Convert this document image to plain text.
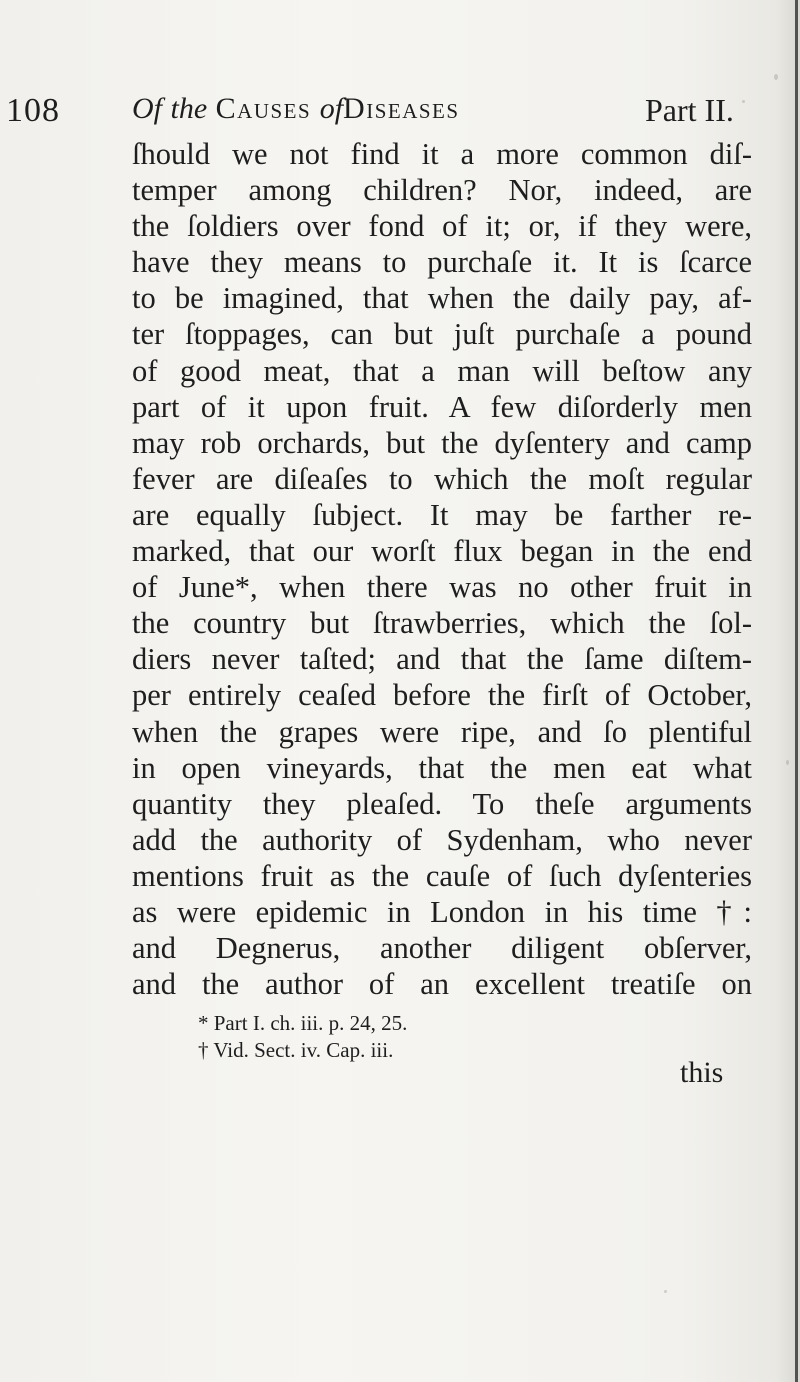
108 Of the Causes ofDiseases	Part II.
ſhould we not find it a more common diſ-
temper among children? Nor, indeed, are
the ſoldiers over fond of it; or, if they were,
have they means to purchaſe it. It is ſcarce
to be imagined, that when the daily pay, af-
ter ſtoppages, can but juſt purchaſe a pound
of good meat, that a man will beſtow any
part of it upon fruit. A few diſorderly men
may rob orchards, but the dyſentery and camp
fever are diſeaſes to which the moſt regular
are equally ſubject. It may be farther re-
marked, that our worſt flux began in the end
of June*, when there was no other fruit in
the country but ſtrawberries, which the ſol-
diers never taſted; and that the ſame diſtem-
per entirely ceaſed before the firſt of October,
when the grapes were ripe, and ſo plentiful
in open vineyards, that the men eat what
quantity they pleaſed. To theſe arguments
add the authority of Sydenham, who never
mentions fruit as the cauſe of ſuch dyſenteries
as were epidemic in London in his time †:
and Degnerus, another diligent obſerver,
and the author of an excellent treatiſe on
* Part I. ch. iii. p. 24, 25.
† Vid. Sect. iv. Cap. iii.
this
